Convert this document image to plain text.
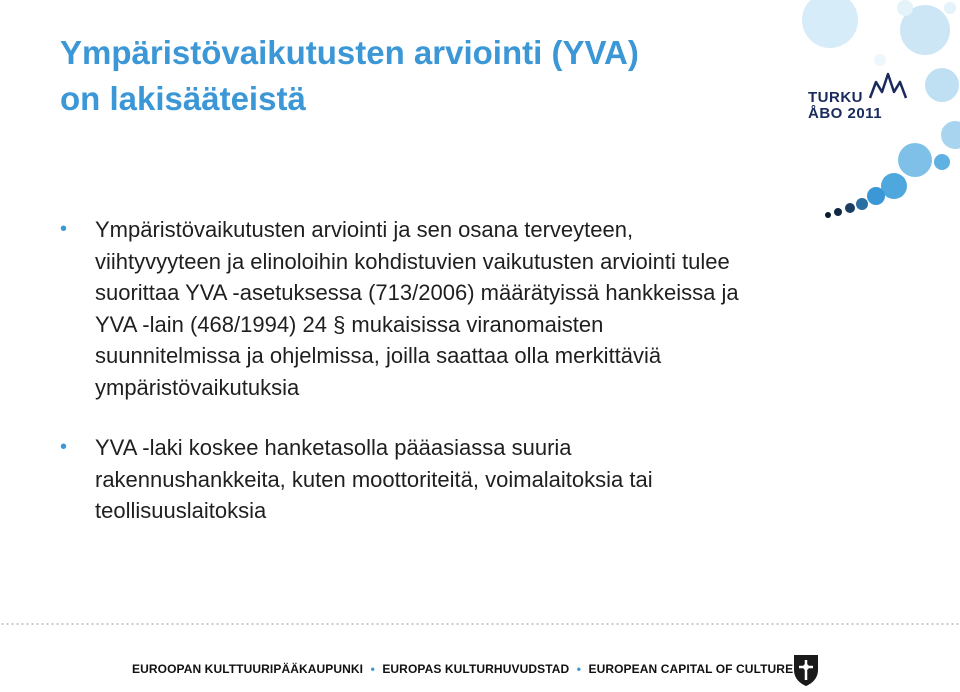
TURKU
ÅBO 2011
Ympäristövaikutusten arviointi (YVA)
on lakisääteistä
• Ympäristövaikutusten arviointi ja sen osana terveyteen,
viihtyvyyteen ja elinoloihin kohdistuvien vaikutusten arviointi tulee
suorittaa YVA -asetuksessa (713/2006) määrätyissä hankkeissa ja
YVA -lain (468/1994) 24 § mukaisissa viranomaisten
suunnitelmissa ja ohjelmissa, joilla saattaa olla merkittäviä
ympäristövaikutuksia
• YVA -laki koskee hanketasolla pääasiassa suuria
rakennushankkeita, kuten moottoriteitä, voimalaitoksia tai
teollisuuslaitoksia
EUROOPAN KULTTUURIPÄÄKAUPUNKI • EUROPAS KULTURHUVUDSTAD • EUROPEAN CAPITAL OF CULTURE
